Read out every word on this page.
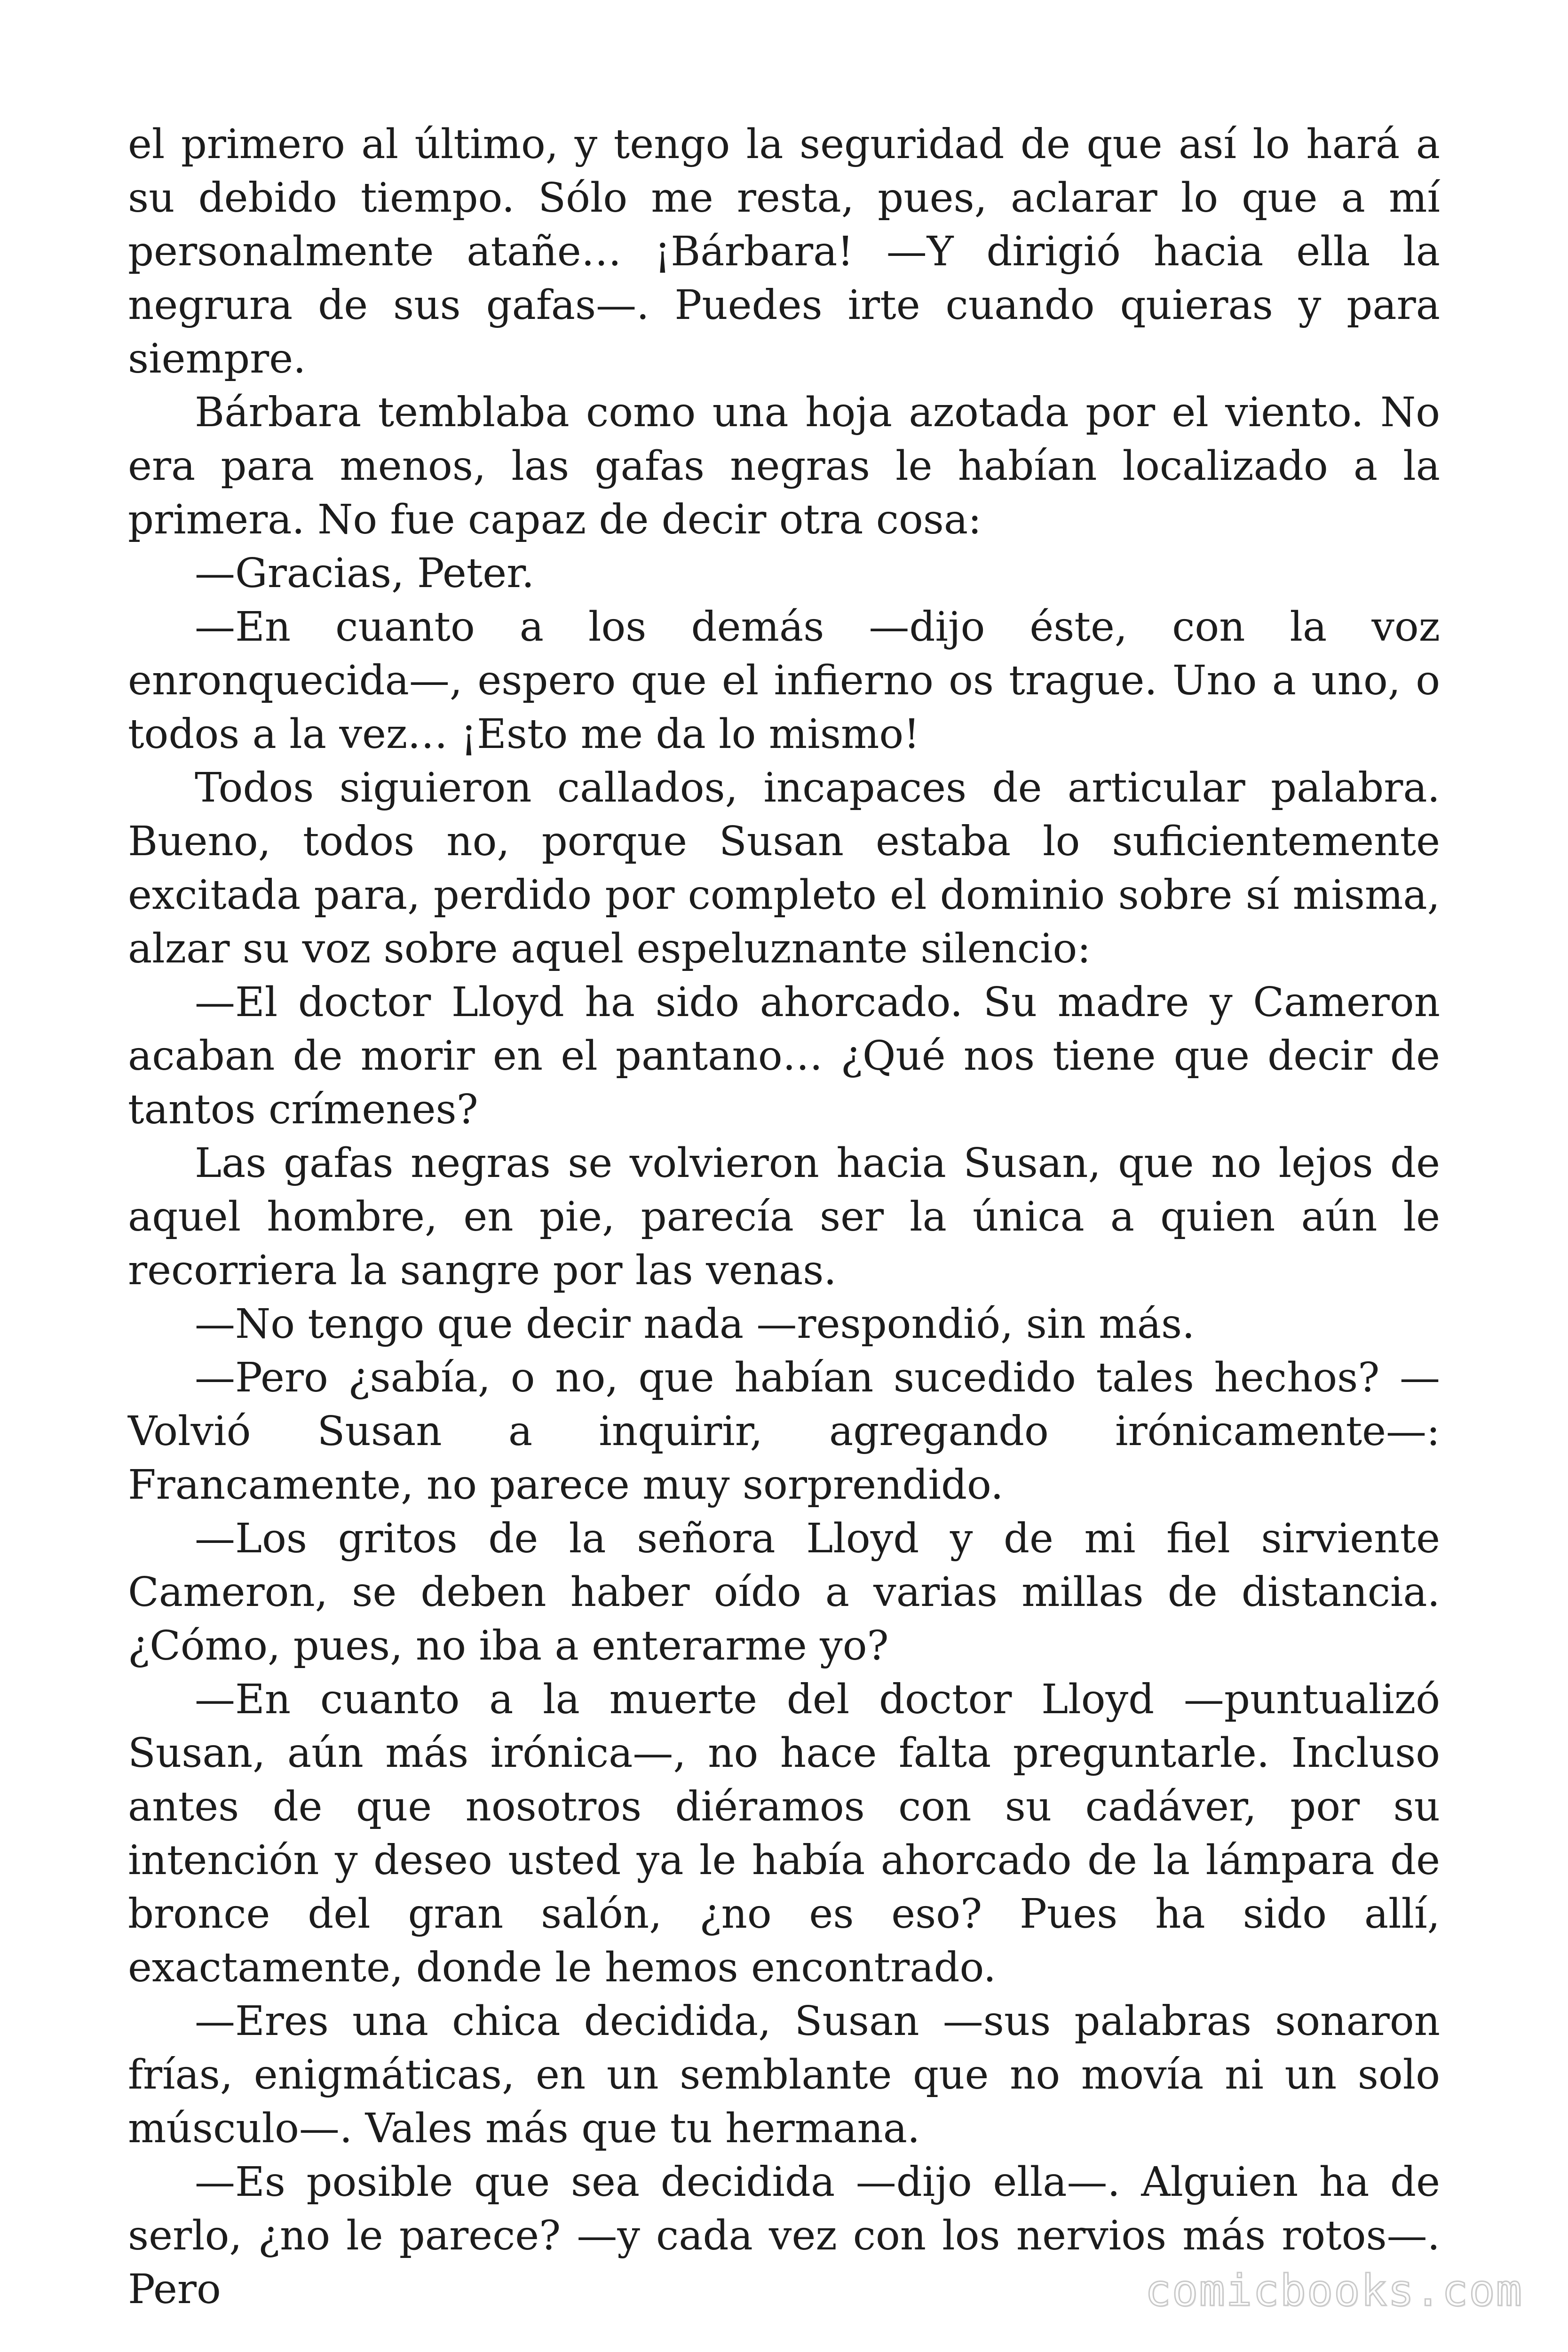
el primero al último, y tengo la seguridad de que así lo hará a su debido tiempo. Sólo me resta, pues, aclarar lo que a mí personalmente atañe… ¡Bárbara! —Y dirigió hacia ella la negrura de sus gafas—. Puedes irte cuando quieras y para siempre.

Bárbara temblaba como una hoja azotada por el viento. No era para menos, las gafas negras le habían localizado a la primera. No fue capaz de decir otra cosa:

—Gracias, Peter.

—En cuanto a los demás —dijo éste, con la voz enronquecida—, espero que el infierno os trague. Uno a uno, o todos a la vez… ¡Esto me da lo mismo!

Todos siguieron callados, incapaces de articular palabra. Bueno, todos no, porque Susan estaba lo suficientemente excitada para, perdido por completo el dominio sobre sí misma, alzar su voz sobre aquel espeluznante silencio:

—El doctor Lloyd ha sido ahorcado. Su madre y Cameron acaban de morir en el pantano… ¿Qué nos tiene que decir de tantos crímenes?

Las gafas negras se volvieron hacia Susan, que no lejos de aquel hombre, en pie, parecía ser la única a quien aún le recorriera la sangre por las venas.

—No tengo que decir nada —respondió, sin más.

—Pero ¿sabía, o no, que habían sucedido tales hechos? —Volvió Susan a inquirir, agregando irónicamente—: Francamente, no parece muy sorprendido.

—Los gritos de la señora Lloyd y de mi fiel sirviente Cameron, se deben haber oído a varias millas de distancia. ¿Cómo, pues, no iba a enterarme yo?

—En cuanto a la muerte del doctor Lloyd —puntualizó Susan, aún más irónica—, no hace falta preguntarle. Incluso antes de que nosotros diéramos con su cadáver, por su intención y deseo usted ya le había ahorcado de la lámpara de bronce del gran salón, ¿no es eso? Pues ha sido allí, exactamente, donde le hemos encontrado.

—Eres una chica decidida, Susan —sus palabras sonaron frías, enigmáticas, en un semblante que no movía ni un solo músculo—. Vales más que tu hermana.

—Es posible que sea decidida —dijo ella—. Alguien ha de serlo, ¿no le parece? —y cada vez con los nervios más rotos—. Pero	comicbooks.com
